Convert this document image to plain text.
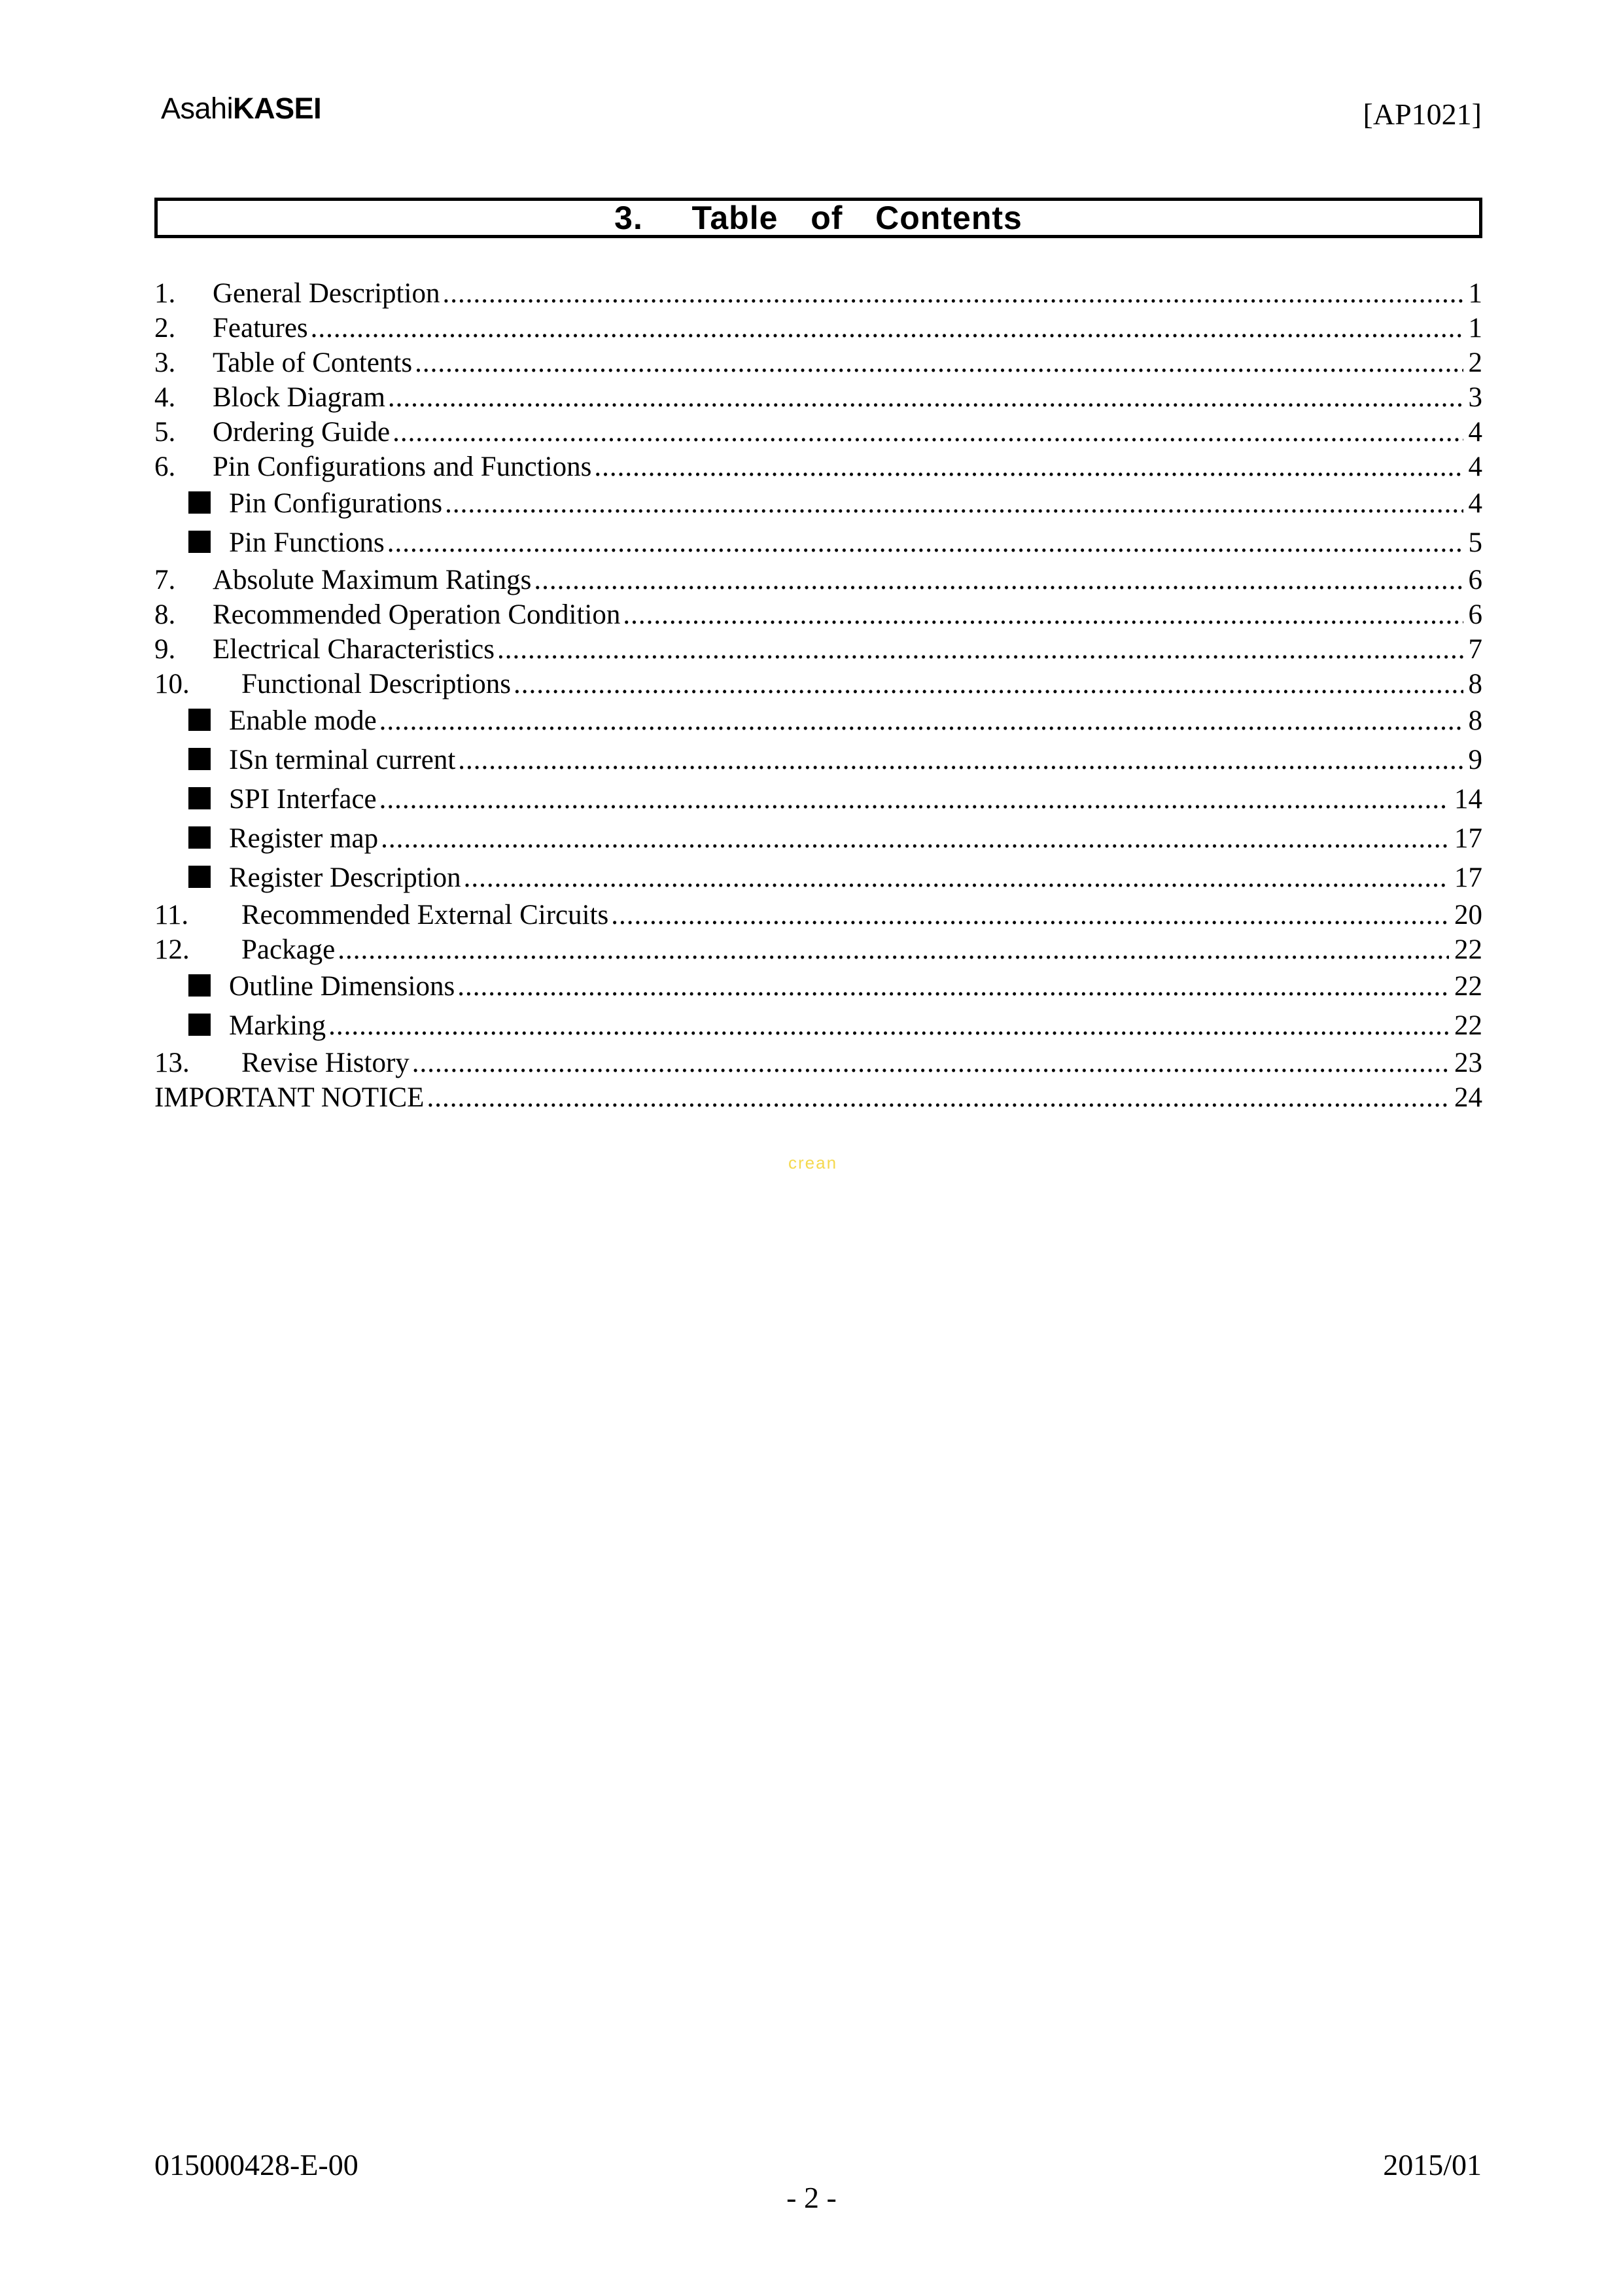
AsahiKASEI	[AP1021]
3.   Table  of  Contents
1.	General Description .....	1
2.	Features .....	1
3.	Table of Contents .....	2
4.	Block Diagram .....	3
5.	Ordering Guide .....	4
6.	Pin Configurations and Functions .....	4
Pin Configurations .....	4
Pin Functions .....	5
7.	Absolute Maximum Ratings .....	6
8.	Recommended Operation Condition .....	6
9.	Electrical Characteristics .....	7
10.	Functional Descriptions .....	8
Enable mode .....	8
ISn terminal current .....	9
SPI Interface .....	14
Register map .....	17
Register Description .....	17
11.	Recommended External Circuits .....	20
12.	Package .....	22
Outline Dimensions .....	22
Marking .....	22
13.	Revise History .....	23
IMPORTANT NOTICE .....	24
crean
015000428-E-00	2015/01
- 2 -
